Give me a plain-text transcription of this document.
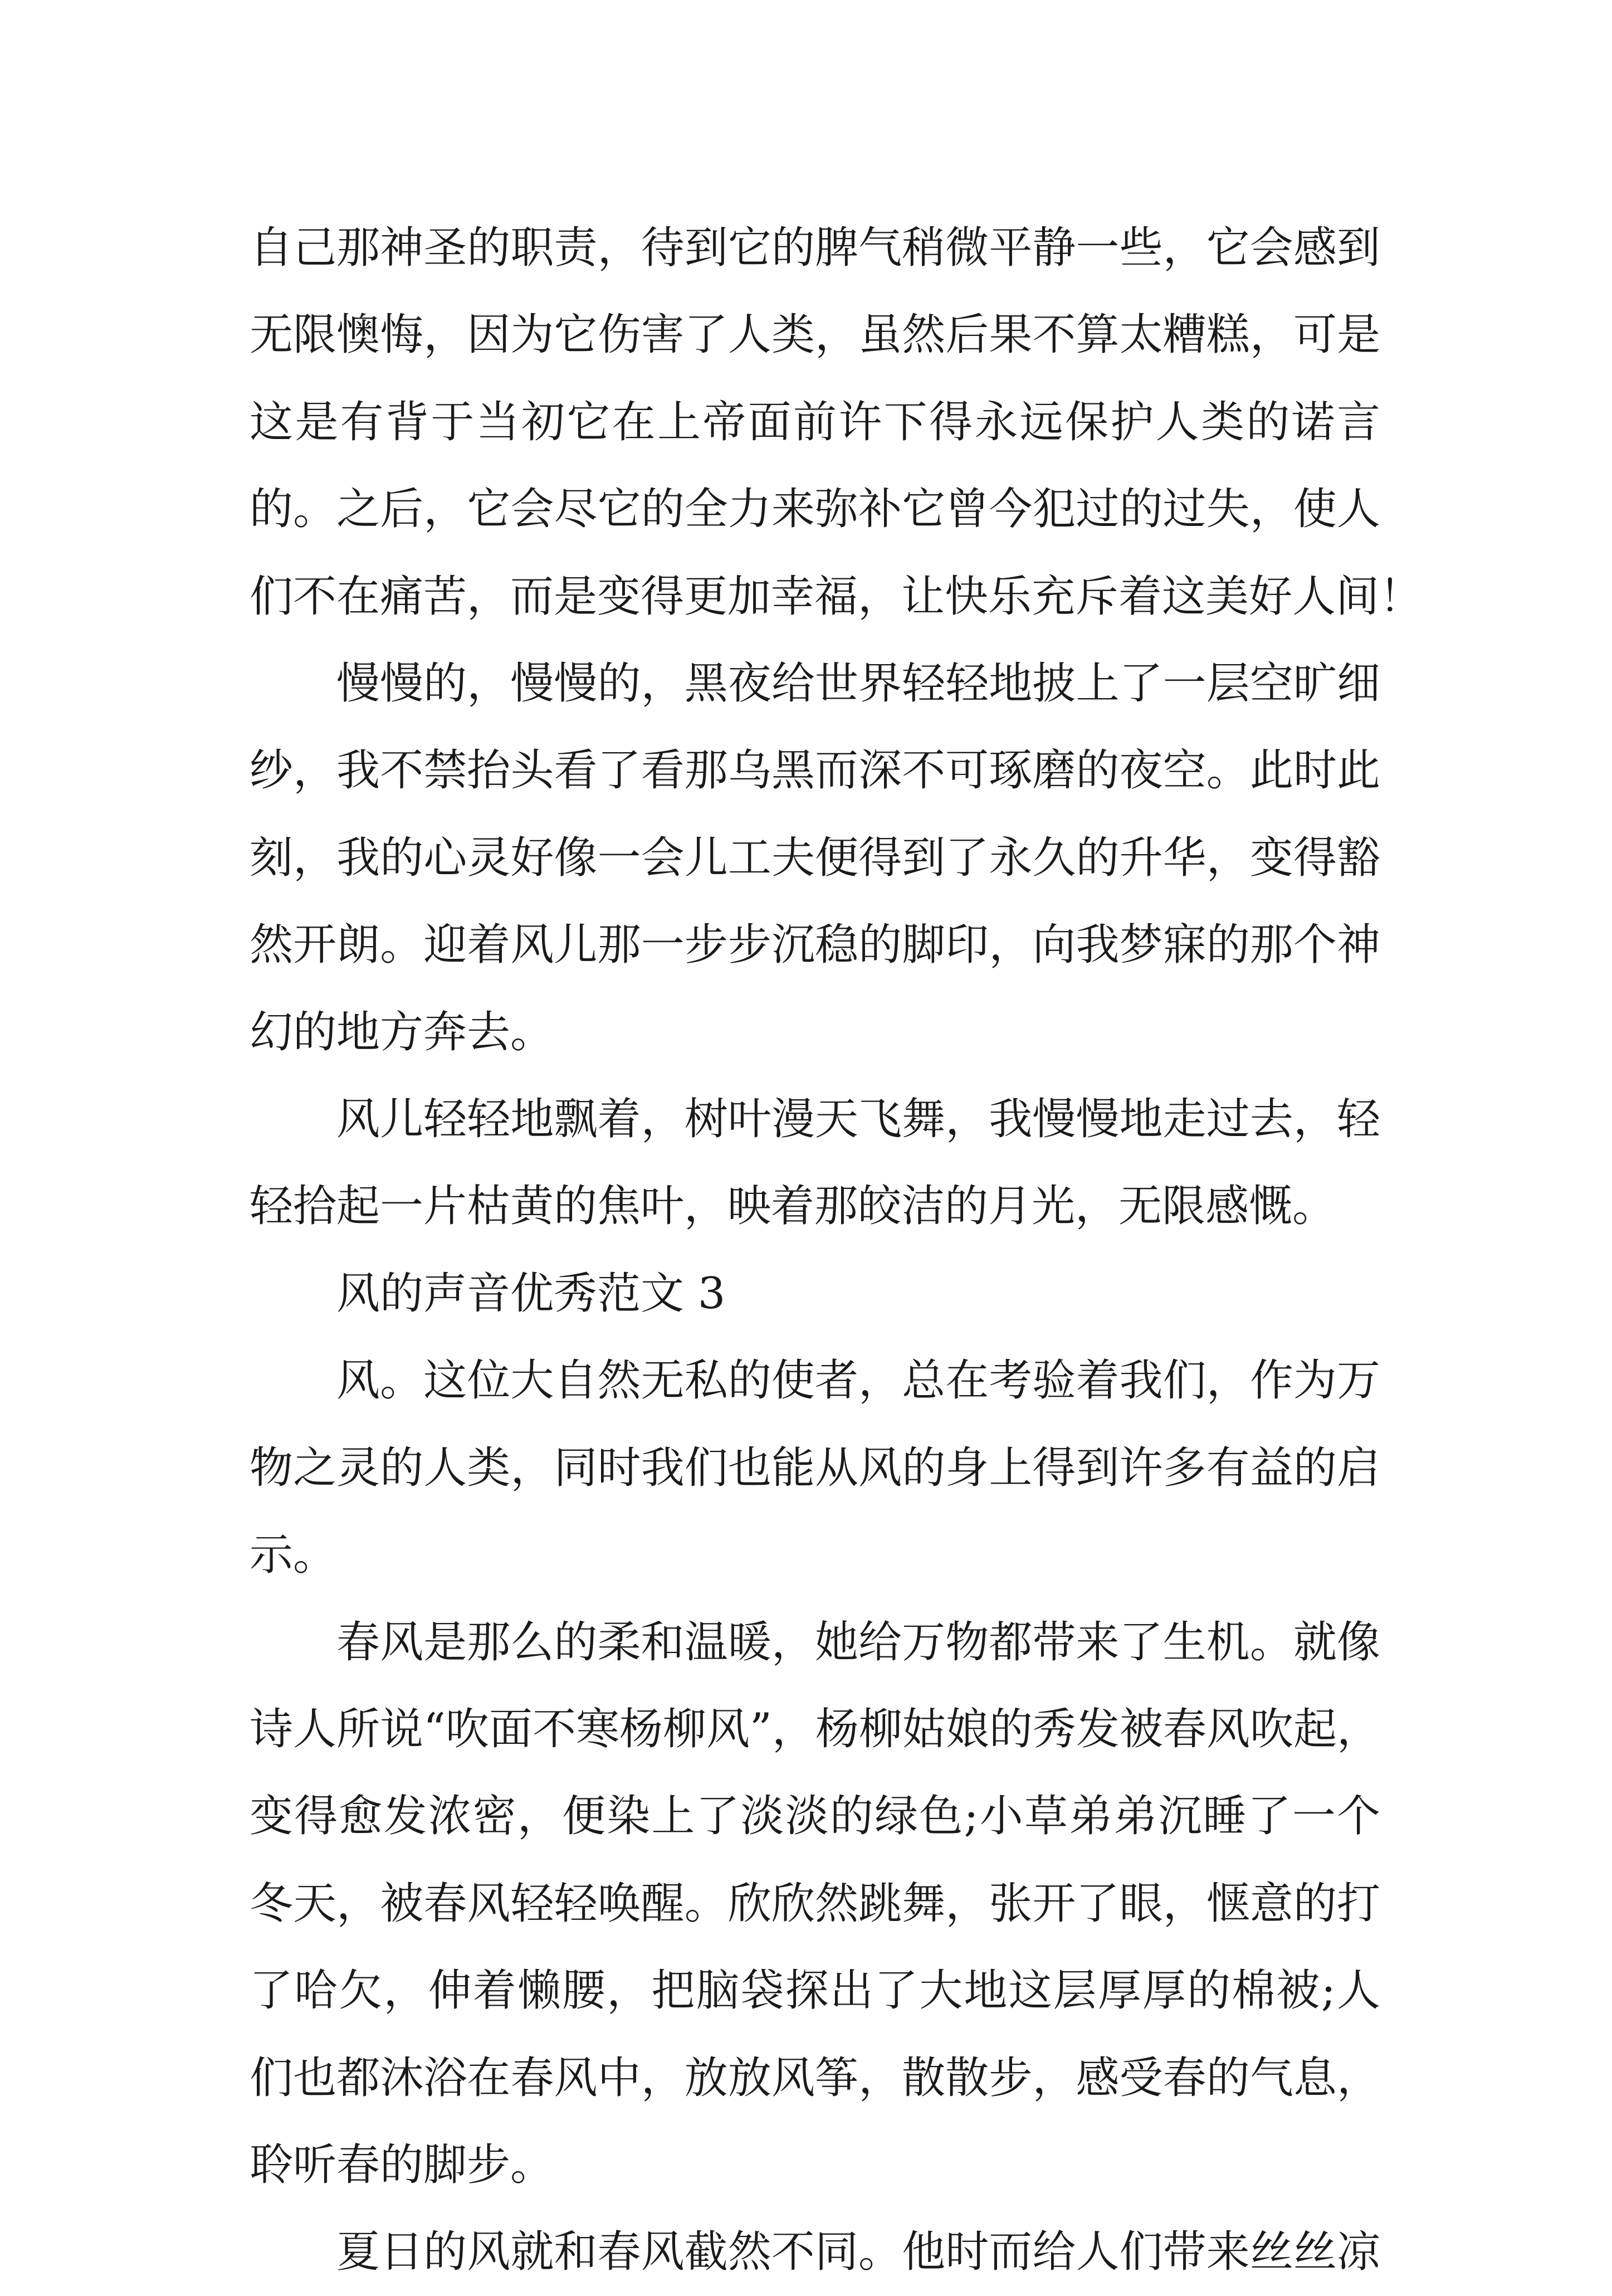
自己那神圣的职责，待到它的脾气稍微平静一些，它会感到
无限懊悔，因为它伤害了人类，虽然后果不算太糟糕，可是
这是有背于当初它在上帝面前许下得永远保护人类的诺言
的。之后，它会尽它的全力来弥补它曾今犯过的过失，使人
们不在痛苦，而是变得更加幸福，让快乐充斥着这美好人间！

慢慢的，慢慢的，黑夜给世界轻轻地披上了一层空旷细
纱，我不禁抬头看了看那乌黑而深不可琢磨的夜空。此时此
刻，我的心灵好像一会儿工夫便得到了永久的升华，变得豁
然开朗。迎着风儿那一步步沉稳的脚印，向我梦寐的那个神
幻的地方奔去。

风儿轻轻地飘着，树叶漫天飞舞，我慢慢地走过去，轻
轻拾起一片枯黄的焦叶，映着那皎洁的月光，无限感慨。

风的声音优秀范文 3

风。这位大自然无私的使者，总在考验着我们，作为万
物之灵的人类，同时我们也能从风的身上得到许多有益的启
示。

春风是那么的柔和温暖，她给万物都带来了生机。就像
诗人所说“吹面不寒杨柳风”，杨柳姑娘的秀发被春风吹起，
变得愈发浓密，便染上了淡淡的绿色;小草弟弟沉睡了一个
冬天，被春风轻轻唤醒。欣欣然跳舞，张开了眼，惬意的打
了哈欠，伸着懒腰，把脑袋探出了大地这层厚厚的棉被;人
们也都沐浴在春风中，放放风筝，散散步，感受春的气息，
聆听春的脚步。

夏日的风就和春风截然不同。他时而给人们带来丝丝凉
